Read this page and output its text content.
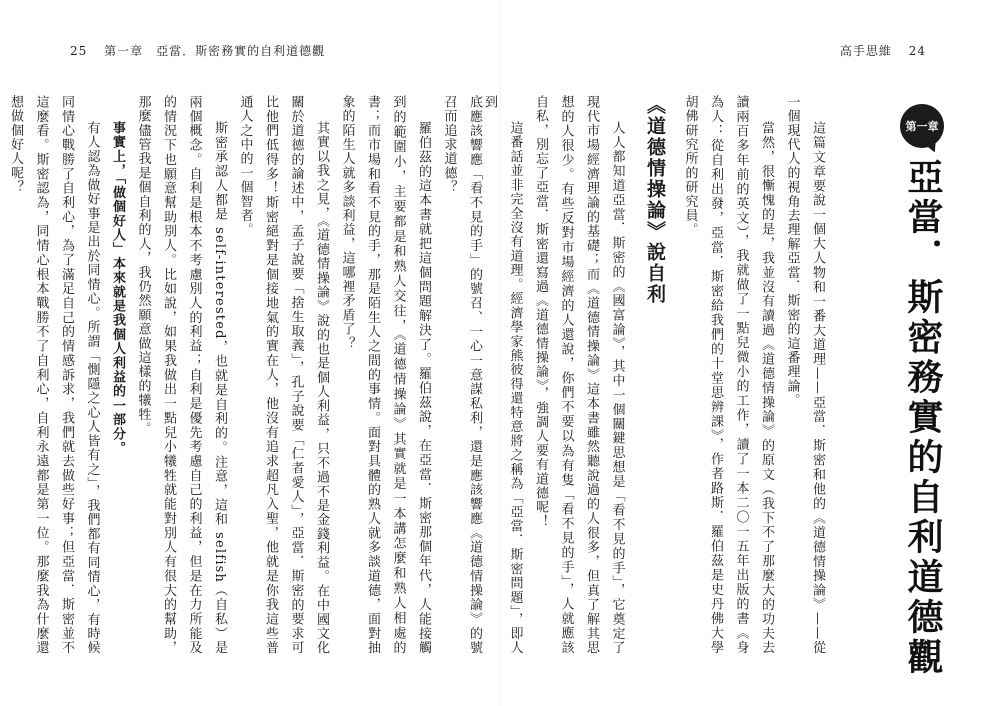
25 第一章　亞當．斯密務實的自利道德觀	高手思維 24
第一章
亞當．斯密務實的自利道德觀

這篇文章要說一個大人物和一番大道理——亞當．斯密和他的《道德情操論》——從一個現代人的視角去理解亞當．斯密的這番理論。

當然，很慚愧的是，我並沒有讀過《道德情操論》的原文（我下不了那麼大的功夫去讀兩百多年前的英文），我就做了一點兒微小的工作，讀了一本二〇一五年出版的書《身為人：從自利出發，亞當．斯密給我們的十堂思辨課》，作者路斯．羅伯茲是史丹佛大學胡佛研究所的研究員。

《道德情操論》說自利

人人都知道亞當．斯密的《國富論》，其中一個關鍵思想是「看不見的手」，它奠定了現代市場經濟理論的基礎；而《道德情操論》這本書雖然聽說過的人很多，但真了解其思想的人很少。有些反對市場經濟的人還說，你們不要以為有隻「看不見的手」，人就應該自私，別忘了亞當．斯密還寫過《道德情操論》，強調人要有道德呢！

這番話並非完全沒有道理。經濟學家熊彼得還特意將之稱為「亞當．斯密問題」，即人到

底應該響應「看不見的手」的號召、一心一意謀私利，還是應該響應《道德情操論》的號召而追求道德？

羅伯茲的這本書就把這個問題解決了。羅伯茲說，在亞當．斯密那個年代，人能接觸到的範圍小，主要都是和熟人交往，《道德情操論》其實就是一本講怎麼和熟人相處的書；而市場和看不見的手，那是陌生人之間的事情。面對具體的熟人就多談道德，面對抽象的陌生人就多談利益，這哪裡矛盾了？

其實以我之見，《道德情操論》說的也是個人利益，只不過不是金錢利益。在中國文化關於道德的論述中，孟子說要「捨生取義」，孔子說要「仁者愛人」，亞當．斯密的要求可比他們低得多！斯密絕對是個接地氣的實在人，他沒有追求超凡入聖，他就是你我這些普通人之中的一個智者。

斯密承認人都是 self-interested，也就是自利的。注意，這和 selfish（自私）是兩個概念。自利是根本不考慮別人的利益；自利是優先考慮自己的利益，但是在力所能及的情況下也願意幫助別人。比如說，如果我做出一點兒小犧牲就能對別人有很大的幫助，那麼儘管我是個自利的人，我仍然願意做這樣的犧牲。

事實上，「做個好人」本來就是我個人利益的一部分。

有人認為做好事是出於同情心。所謂「惻隱之心人皆有之」，我們都有同情心，有時候同情心戰勝了自利心，為了滿足自己的情感訴求，我們就去做些好事；但亞當．斯密並不這麼看。斯密認為，同情心根本戰勝不了自利心，自利永遠都是第一位。那麼我為什麼還想做個好人呢？
